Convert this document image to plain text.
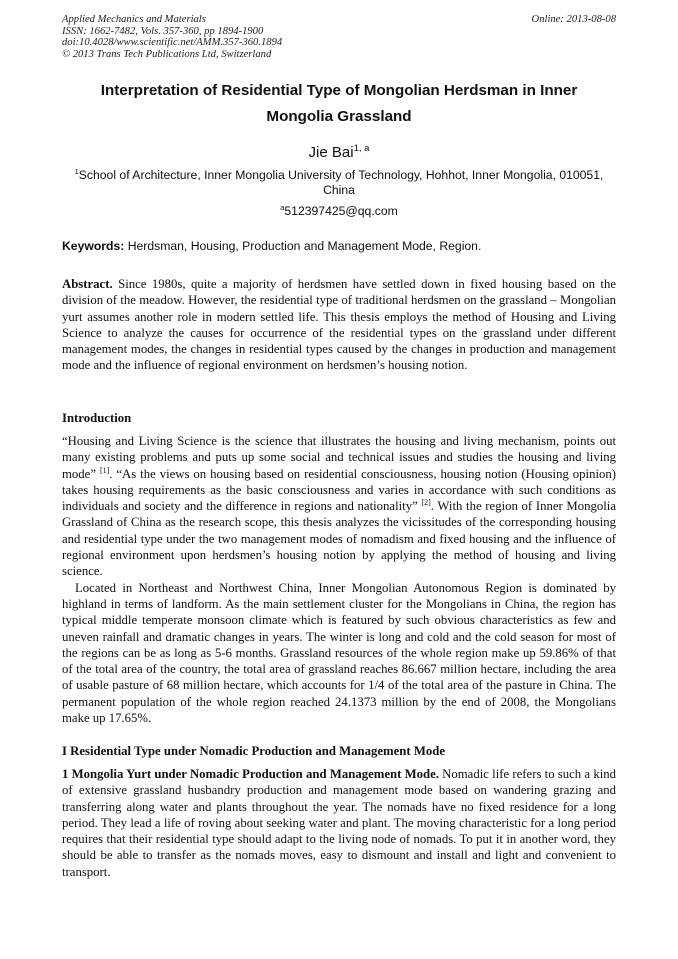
Applied Mechanics and Materials
ISSN: 1662-7482, Vols. 357-360, pp 1894-1900
doi:10.4028/www.scientific.net/AMM.357-360.1894
© 2013 Trans Tech Publications Ltd, Switzerland
Online: 2013-08-08
Interpretation of Residential Type of Mongolian Herdsman in Inner
Mongolia Grassland
Jie Bai$^{1, a}$
$^1$School of Architecture, Inner Mongolia University of Technology, Hohhot, Inner Mongolia, 010051,
China
$^a$512397425@qq.com
Keywords: Herdsman, Housing, Production and Management Mode, Region.

Abstract. Since 1980s, quite a majority of herdsmen have settled down in fixed housing based on the division of the meadow. However, the residential type of traditional herdsmen on the grassland – Mongolian yurt assumes another role in modern settled life. This thesis employs the method of Housing and Living Science to analyze the causes for occurrence of the residential types on the grassland under different management modes, the changes in residential types caused by the changes in production and management mode and the influence of regional environment on herdsmen’s housing notion.

Introduction

“Housing and Living Science is the science that illustrates the housing and living mechanism, points out many existing problems and puts up some social and technical issues and studies the housing and living mode” [1]. “As the views on housing based on residential consciousness, housing notion (Housing opinion) takes housing requirements as the basic consciousness and varies in accordance with such conditions as individuals and society and the difference in regions and nationality” [2]. With the region of Inner Mongolia Grassland of China as the research scope, this thesis analyzes the vicissitudes of the corresponding housing and residential type under the two management modes of nomadism and fixed housing and the influence of regional environment upon herdsmen’s housing notion by applying the method of housing and living science.

Located in Northeast and Northwest China, Inner Mongolian Autonomous Region is dominated by highland in terms of landform. As the main settlement cluster for the Mongolians in China, the region has typical middle temperate monsoon climate which is featured by such obvious characteristics as few and uneven rainfall and dramatic changes in years. The winter is long and cold and the cold season for most of the regions can be as long as 5-6 months. Grassland resources of the whole region make up 59.86% of that of the total area of the country, the total area of grassland reaches 86.667 million hectare, including the area of usable pasture of 68 million hectare, which accounts for 1/4 of the total area of the pasture in China. The permanent population of the whole region reached 24.1373 million by the end of 2008, the Mongolians make up 17.65%.

I Residential Type under Nomadic Production and Management Mode

1 Mongolia Yurt under Nomadic Production and Management Mode. Nomadic life refers to such a kind of extensive grassland husbandry production and management mode based on wandering grazing and transferring along water and plants throughout the year. The nomads have no fixed residence for a long period. They lead a life of roving about seeking water and plant. The moving characteristic for a long period requires that their residential type should adapt to the living node of nomads. To put it in another word, they should be able to transfer as the nomads moves, easy to dismount and install and light and convenient to transport.
